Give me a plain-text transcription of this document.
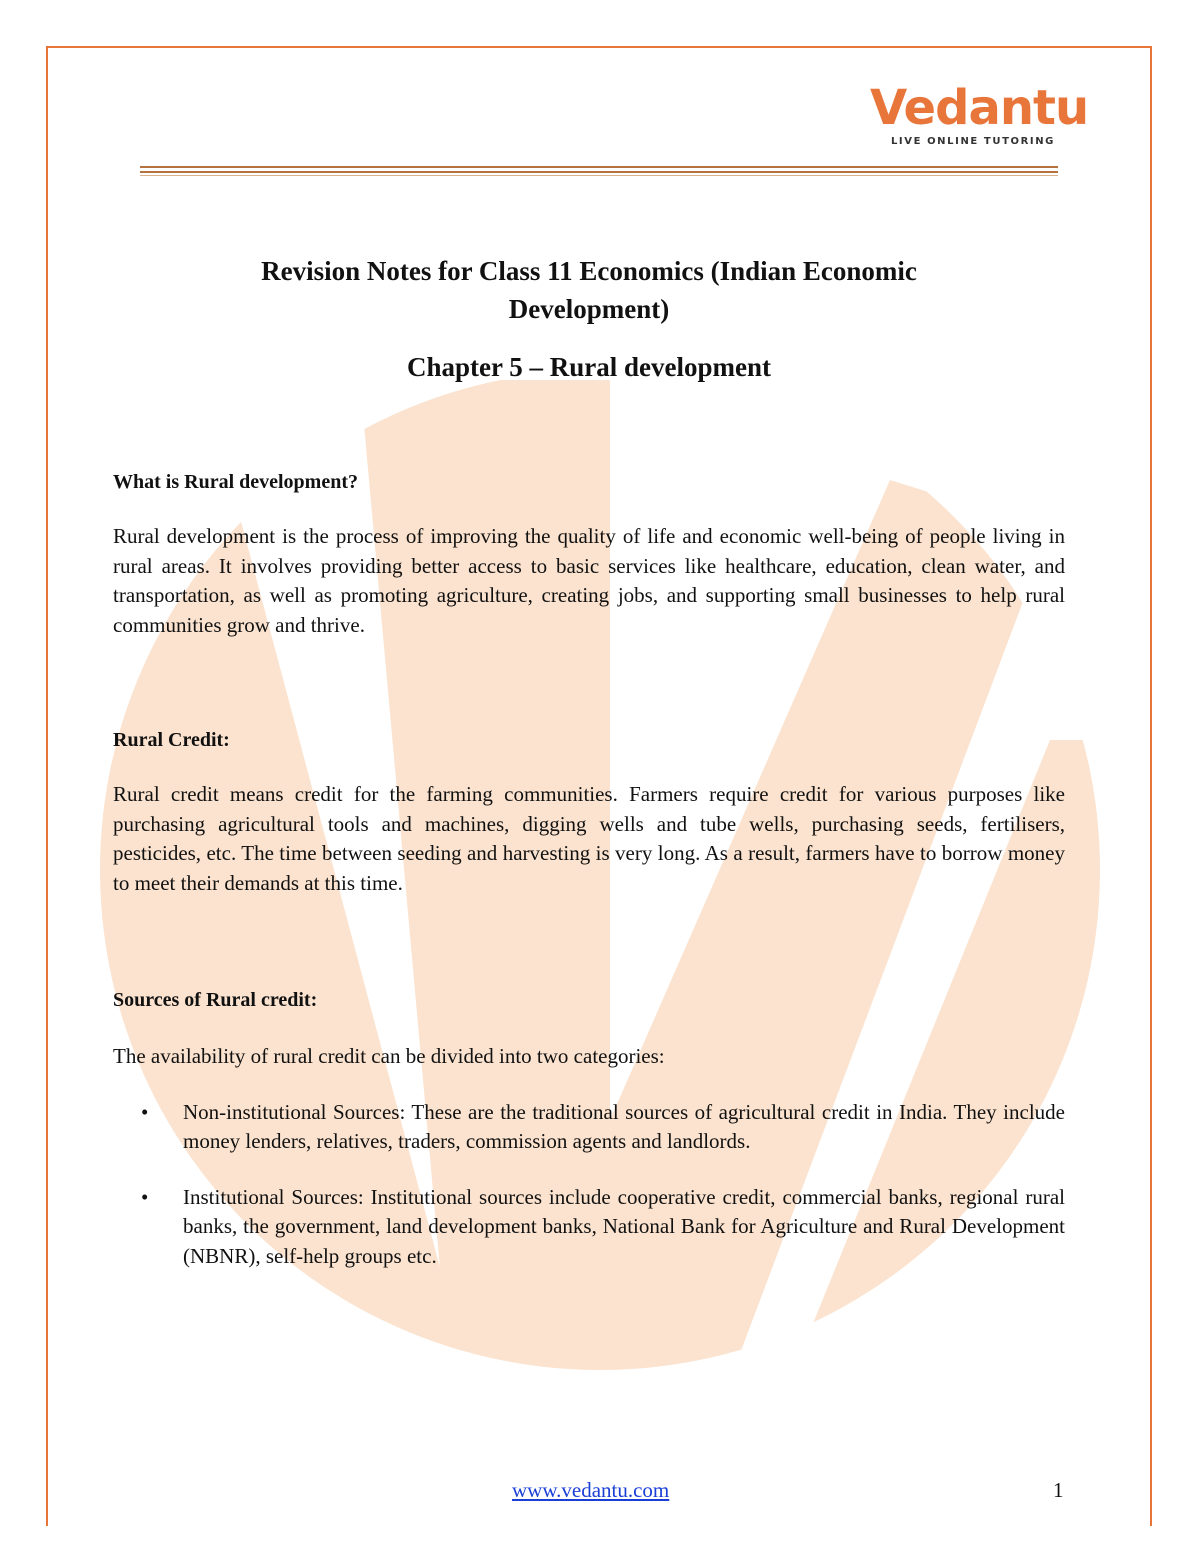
Vedantu
LIVE ONLINE TUTORING
Revision Notes for Class 11 Economics (Indian Economic Development)
Chapter 5 – Rural development
What is Rural development?

Rural development is the process of improving the quality of life and economic well-being of people living in rural areas. It involves providing better access to basic services like healthcare, education, clean water, and transportation, as well as promoting agriculture, creating jobs, and supporting small businesses to help rural communities grow and thrive.

Rural Credit:

Rural credit means credit for the farming communities. Farmers require credit for various purposes like purchasing agricultural tools and machines, digging wells and tube wells, purchasing seeds, fertilisers, pesticides, etc. The time between seeding and harvesting is very long. As a result, farmers have to borrow money to meet their demands at this time.

Sources of Rural credit:

The availability of rural credit can be divided into two categories:

• Non-institutional Sources: These are the traditional sources of agricultural credit in India. They include money lenders, relatives, traders, commission agents and landlords.
• Institutional Sources: Institutional sources include cooperative credit, commercial banks, regional rural banks, the government, land development banks, National Bank for Agriculture and Rural Development (NBNR), self-help groups etc.
www.vedantu.com	1
